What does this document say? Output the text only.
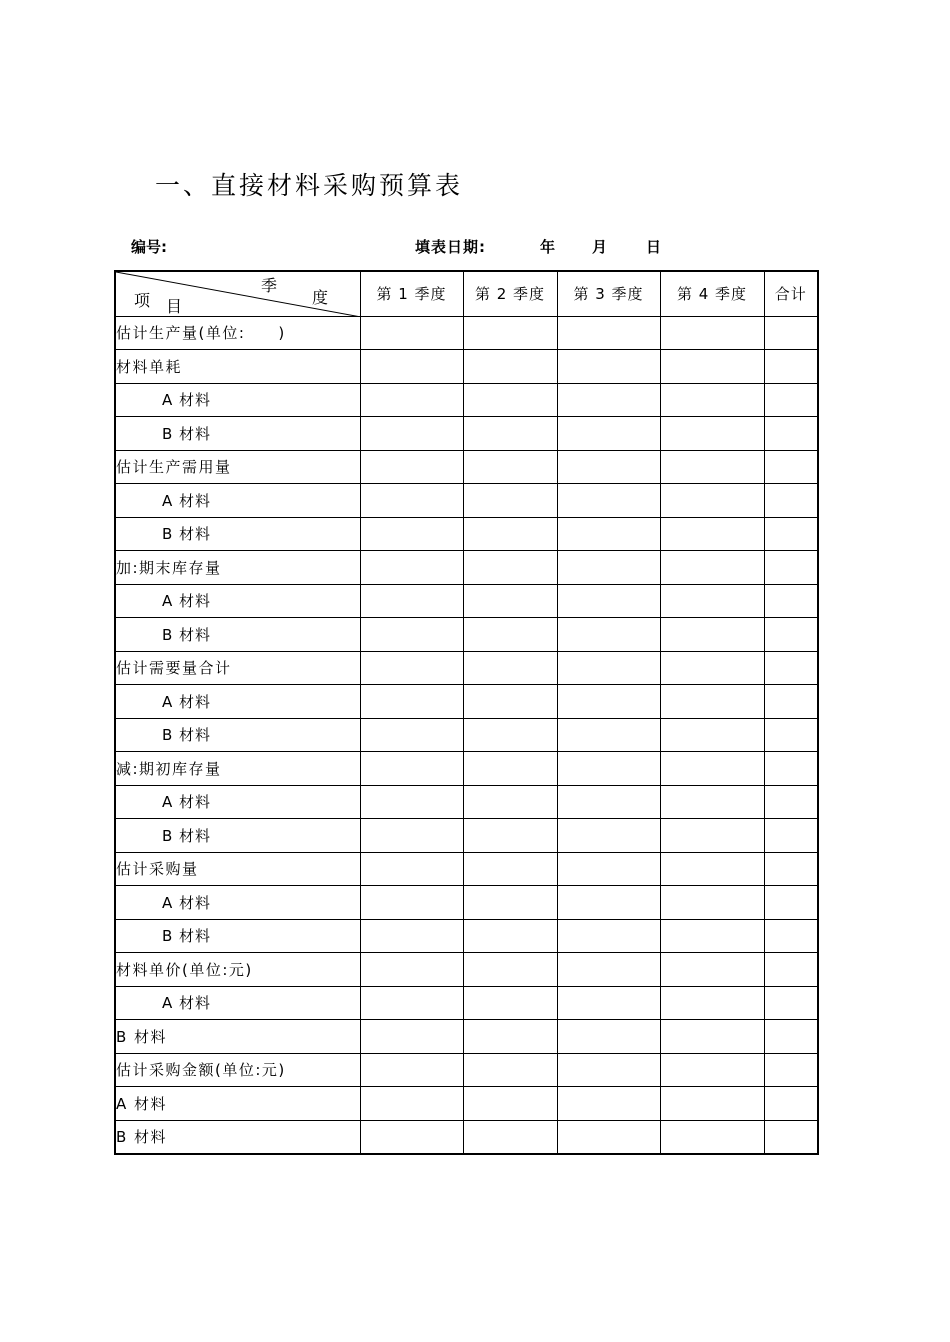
一、直接材料采购预算表
编号:	填表日期:	年 月	日
季
度
项 目	第 1 季度	第 2 季度	第 3 季度	第 4 季度	合计
估计生产量(单位:　　)					
材料单耗					
A 材料					
B 材料					
估计生产需用量					
A 材料					
B 材料					
加:期末库存量					
A 材料					
B 材料					
估计需要量合计					
A 材料					
B 材料					
减:期初库存量					
A 材料					
B 材料					
估计采购量					
A 材料					
B 材料					
材料单价(单位:元)					
A 材料					
B 材料					
估计采购金额(单位:元)					
A 材料					
B 材料					
